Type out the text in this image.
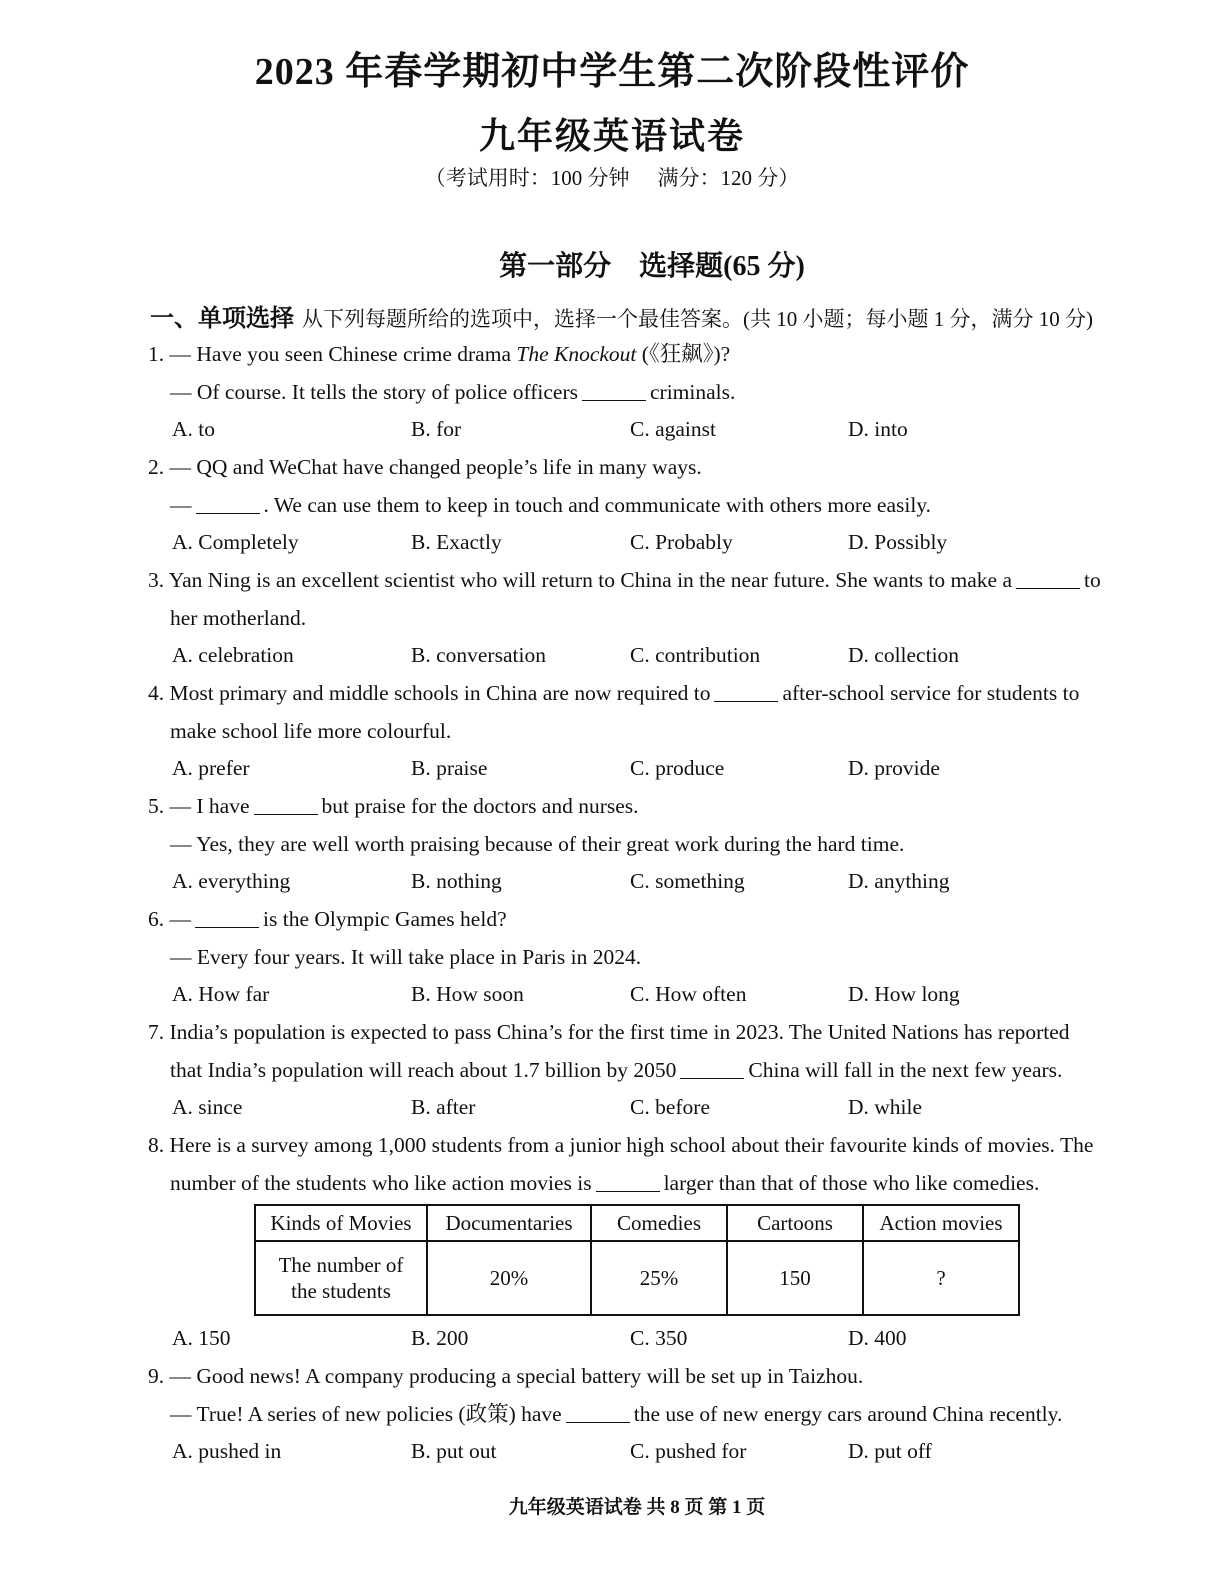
2023 年春学期初中学生第二次阶段性评价
九年级英语试卷
（考试用时：100 分钟 满分：120 分）
第一部分　选择题(65 分)
一、单项选择 从下列每题所给的选项中，选择一个最佳答案。(共 10 小题；每小题 1 分，满分 10 分)
1. — Have you seen Chinese crime drama The Knockout (《狂飙》)?
— Of course. It tells the story of police officers	criminals.
A. to	B. for	C. against	D. into
2. — QQ and WeChat have changed people’s life in many ways.
—	. We can use them to keep in touch and communicate with others more easily.
A. Completely	B. Exactly	C. Probably	D. Possibly
3. Yan Ning is an excellent scientist who will return to China in the near future. She wants to make a	to
her motherland.
A. celebration	B. conversation	C. contribution	D. collection
4. Most primary and middle schools in China are now required to	after-school service for students to
make school life more colourful.
A. prefer	B. praise	C. produce	D. provide
5. — I have	but praise for the doctors and nurses.
— Yes, they are well worth praising because of their great work during the hard time.
A. everything	B. nothing	C. something	D. anything
6. —	is the Olympic Games held?
— Every four years. It will take place in Paris in 2024.
A. How far	B. How soon	C. How often	D. How long
7. India’s population is expected to pass China’s for the first time in 2023. The United Nations has reported
that India’s population will reach about 1.7 billion by 2050	China will fall in the next few years.
A. since	B. after	C. before	D. while
8. Here is a survey among 1,000 students from a junior high school about their favourite kinds of movies. The
number of the students who like action movies is	larger than that of those who like comedies.
Kinds of Movies	Documentaries	Comedies	Cartoons	Action movies

The number of
the students	20%	25%	150	?
A. 150	B. 200	C. 350	D. 400
9. — Good news! A company producing a special battery will be set up in Taizhou.
— True! A series of new policies (政策) have	the use of new energy cars around China recently.
A. pushed in	B. put out	C. pushed for	D. put off
九年级英语试卷 共 8 页 第 1 页
